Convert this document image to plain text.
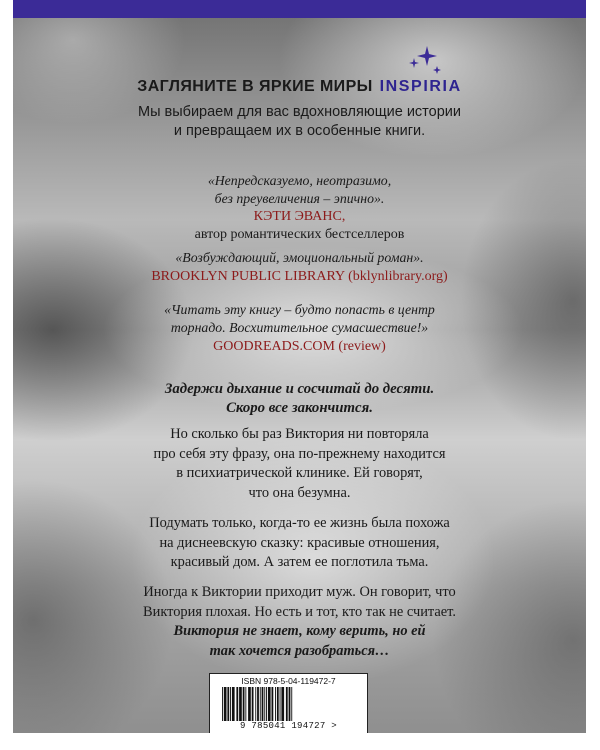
ЗАГЛЯНИТЕ В ЯРКИЕ МИРЫ INSPIRIA
Мы выбираем для вас вдохновляющие истории
и превращаем их в особенные книги.
«Непредсказуемо, неотразимо,
без преувеличения – эпично».
КЭТИ ЭВАНС,
автор романтических бестселлеров
«Возбуждающий, эмоциональный роман».
BROOKLYN PUBLIC LIBRARY (bklynlibrary.org)
«Читать эту книгу – будто попасть в центр
торнадо. Восхитительное сумасшествие!»
GOODREADS.COM (review)
Задержи дыхание и сосчитай до десяти.
Скоро все закончится.
Но сколько бы раз Виктория ни повторяла
про себя эту фразу, она по-прежнему находится
в психиатрической клинике. Ей говорят,
что она безумна.
Подумать только, когда-то ее жизнь была похожа
на диснеевскую сказку: красивые отношения,
красивый дом. А затем ее поглотила тьма.
Иногда к Виктории приходит муж. Он говорит, что
Виктория плохая. Но есть и тот, кто так не считает.
Виктория не знает, кому верить, но ей
так хочется разобраться…
ISBN 978-5-04-119472-7
9 785041 194727 >
